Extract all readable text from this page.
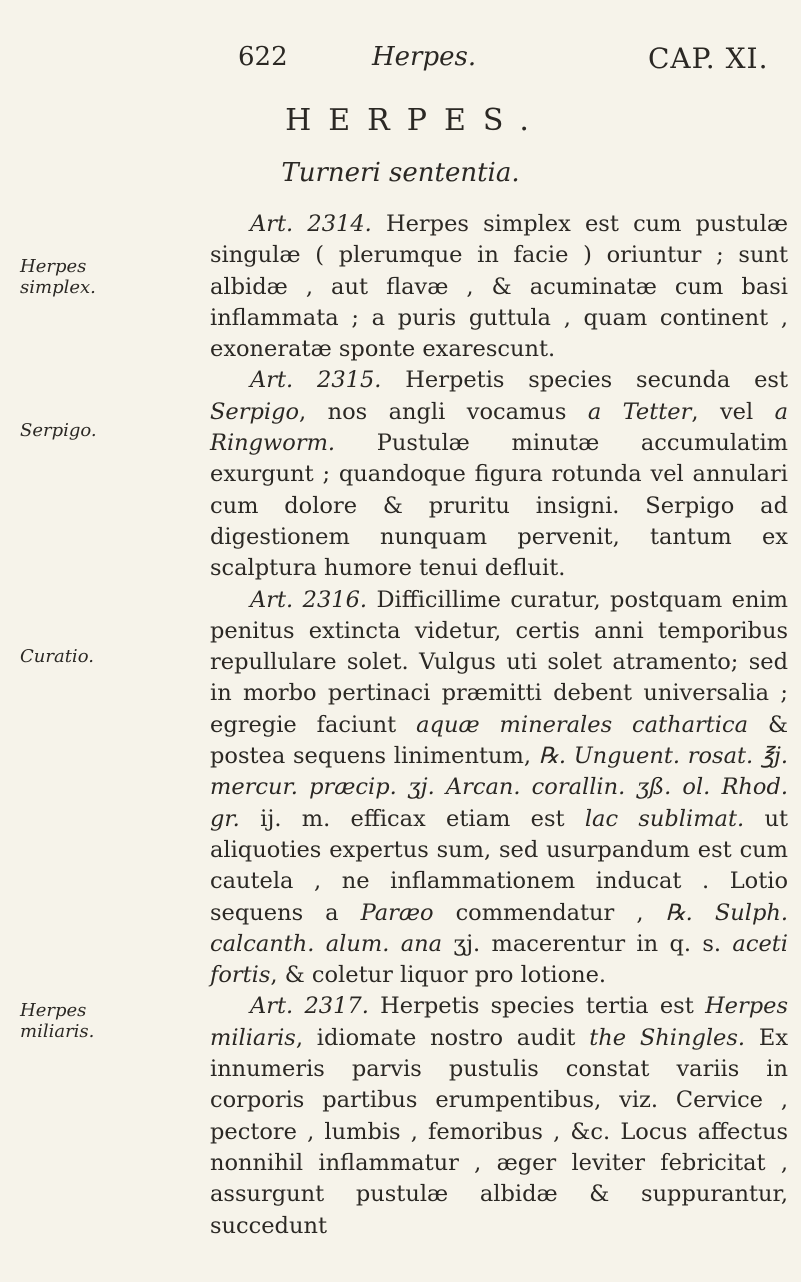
622	Herpes.	CAP. XI.
HERPES.
Turneri sententia.
Herpes simplex.
Serpigo.
Curatio.
Herpes miliaris.

Art. 2314. Herpes simplex est cum pustulæ singulæ ( plerumque in facie ) oriuntur ; sunt albidæ , aut flavæ , & acuminatæ cum basi inflammata ; a puris guttula , quam continent , exoneratæ sponte exarescunt.

Art. 2315. Herpetis species secunda est Serpigo, nos angli vocamus a Tetter, vel a Ringworm. Pustulæ minutæ accumulatim exurgunt ; quandoque figura rotunda vel annulari cum dolore & pruritu insigni. Serpigo ad digestionem nunquam pervenit, tantum ex scalptura humore tenui defluit.

Art. 2316. Difficillime curatur, postquam enim penitus extincta videtur, certis anni temporibus repullulare solet. Vulgus uti solet atramento; sed in morbo pertinaci præmitti debent universalia ; egregie faciunt aquæ minerales cathartica & postea sequens linimentum, ℞. Unguent. rosat. ℥j. mercur. præcip. ʒj. Arcan. corallin. ʒß. ol. Rhod. gr. ij. m. efficax etiam est lac sublimat. ut aliquoties expertus sum, sed usurpandum est cum cautela , ne inflammationem inducat . Lotio sequens a Paræo commendatur , ℞. Sulph. calcanth. alum. ana ʒj. macerentur in q. s. aceti fortis, & coletur liquor pro lotione.

Art. 2317. Herpetis species tertia est Herpes miliaris, idiomate nostro audit the Shingles. Ex innumeris parvis pustulis constat variis in corporis partibus erumpentibus, viz. Cervice , pectore , lumbis , femoribus , &c. Locus affectus nonnihil inflammatur , æger leviter febricitat , assurgunt pustulæ albidæ & suppurantur, succedunt
